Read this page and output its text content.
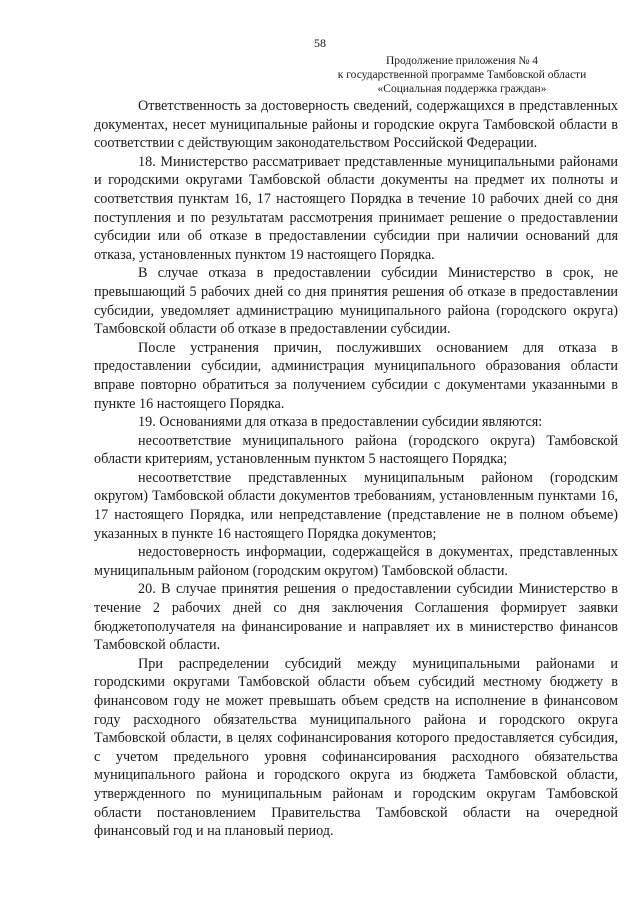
58
Продолжение приложения № 4
к государственной программе Тамбовской области
«Социальная поддержка граждан»

Ответственность за достоверность сведений, содержащихся в представленных документах, несет муниципальные районы и городские округа Тамбовской области в соответствии с действующим законодательством Российской Федерации.

18. Министерство рассматривает представленные муниципальными районами и городскими округами Тамбовской области документы на предмет их полноты и соответствия пунктам 16, 17 настоящего Порядка в течение 10 рабочих дней со дня поступления и по результатам рассмотрения принимает решение о предоставлении субсидии или об отказе в предоставлении субсидии при наличии оснований для отказа, установленных пунктом 19 настоящего Порядка.

В случае отказа в предоставлении субсидии Министерство в срок, не превышающий 5 рабочих дней со дня принятия решения об отказе в предоставлении субсидии, уведомляет администрацию муниципального района (городского округа) Тамбовской области об отказе в предоставлении субсидии.

После устранения причин, послуживших основанием для отказа в предоставлении субсидии, администрация муниципального образования области вправе повторно обратиться за получением субсидии с документами указанными в пункте 16 настоящего Порядка.

19. Основаниями для отказа в предоставлении субсидии являются:

несоответствие муниципального района (городского округа) Тамбовской области критериям, установленным пунктом 5 настоящего Порядка;

несоответствие представленных муниципальным районом (городским округом) Тамбовской области документов требованиям, установленным пунктами 16, 17 настоящего Порядка, или непредставление (представление не в полном объеме) указанных в пункте 16 настоящего Порядка документов;

недостоверность информации, содержащейся в документах, представленных муниципальным районом (городским округом) Тамбовской области.

20. В случае принятия решения о предоставлении субсидии Министерство в течение 2 рабочих дней со дня заключения Соглашения формирует заявки бюджетополучателя на финансирование и направляет их в министерство финансов Тамбовской области.

При распределении субсидий между муниципальными районами и городскими округами Тамбовской области объем субсидий местному бюджету в финансовом году не может превышать объем средств на исполнение в финансовом году расходного обязательства муниципального района и городского округа Тамбовской области, в целях софинансирования которого предоставляется субсидия, с учетом предельного уровня софинансирования расходного обязательства муниципального района и городского округа из бюджета Тамбовской области, утвержденного по муниципальным районам и городским округам Тамбовской области постановлением Правительства Тамбовской области на очередной финансовый год и на плановый период.
